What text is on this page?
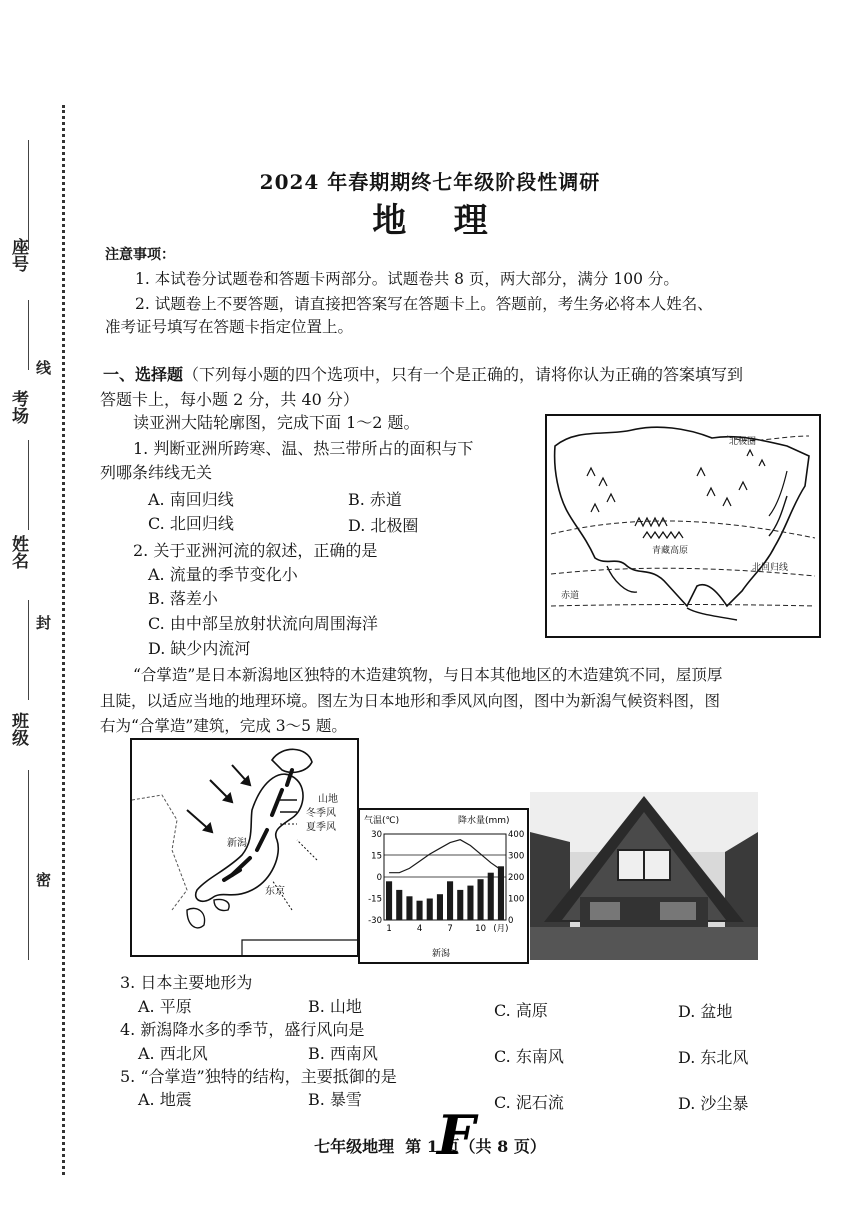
座号
考场
姓名
班级
线
封
密
2024 年春期期终七年级阶段性调研
地    理
注意事项：
1. 本试卷分试题卷和答题卡两部分。试题卷共 8 页，两大部分，满分 100 分。
2. 试题卷上不要答题，请直接把答案写在答题卡上。答题前，考生务必将本人姓名、
准考证号填写在答题卡指定位置上。
一、选择题（下列每小题的四个选项中，只有一个是正确的，请将你认为正确的答案填写到
答题卡上，每小题 2 分，共 40 分）
读亚洲大陆轮廓图，完成下面 1～2 题。
1. 判断亚洲所跨寒、温、热三带所占的面积与下
列哪条纬线无关
A. 南回归线	B. 赤道
C. 北回归线	D. 北极圈
2. 关于亚洲河流的叙述，正确的是
A. 流量的季节变化小
B. 落差小
C. 由中部呈放射状流向周围海洋
D. 缺少内流河
北极圈
青藏高原
北回归线
赤道
“合掌造”是日本新潟地区独特的木造建筑物，与日本其他地区的木造建筑不同，屋顶厚
且陡，以适应当地的地理环境。图左为日本地形和季风风向图，图中为新潟气候资料图，图
右为“合掌造”建筑，完成 3～5 题。
山地
冬季风
夏季风
新潟
东京
气温(℃)	降水量(mm)
30
15
0
-15
-30
400
300
200
100
0
1	4	7	10 (月)
新潟
3. 日本主要地形为
A. 平原	B. 山地	C. 高原	D. 盆地
4. 新潟降水多的季节，盛行风向是
A. 西北风	B. 西南风	C. 东南风	D. 东北风
5. “合掌造”独特的结构，主要抵御的是
A. 地震	B. 暴雪	C. 泥石流	D. 沙尘暴
七年级地理  第 1 页（共 8 页）
F
